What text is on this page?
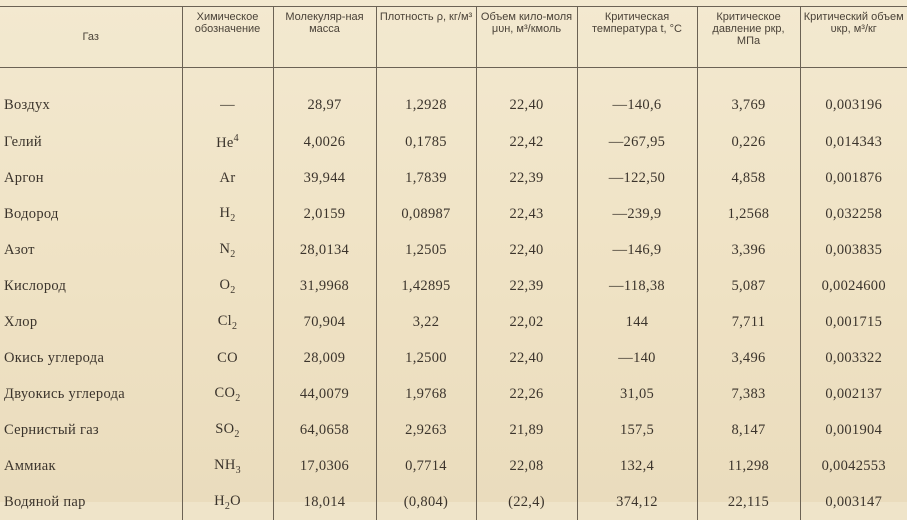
Газ	Химическое обозначение	Молекуляр-ная масса	Плотность ρ, кг/м³	Объем кило-моля μυн, м³/кмоль	Критическая температура t, °C	Критическое давление pкр, МПа	Критический объем υкр, м³/кг
Воздух	—	28,97	1,2928	22,40	—140,6	3,769	0,003196
Гелий	He$^4$	4,0026	0,1785	22,42	—267,95	0,226	0,014343
Аргон	Ar	39,944	1,7839	22,39	—122,50	4,858	0,001876
Водород	$H_2$	2,0159	0,08987	22,43	—239,9	1,2568	0,032258
Азот	$N_2$	28,0134	1,2505	22,40	—146,9	3,396	0,003835
Кислород	$O_2$	31,9968	1,42895	22,39	—118,38	5,087	0,0024600
Хлор	$Cl_2$	70,904	3,22	22,02	144	7,711	0,001715
Окись углерода	CO	28,009	1,2500	22,40	—140	3,496	0,003322
Двуокись углерода	$CO_2$	44,0079	1,9768	22,26	31,05	7,383	0,002137
Сернистый газ	$SO_2$	64,0658	2,9263	21,89	157,5	8,147	0,001904
Аммиак	$NH_3$	17,0306	0,7714	22,08	132,4	11,298	0,0042553
Водяной пар	$H_2O$	18,014	(0,804)	(22,4)	374,12	22,115	0,003147
